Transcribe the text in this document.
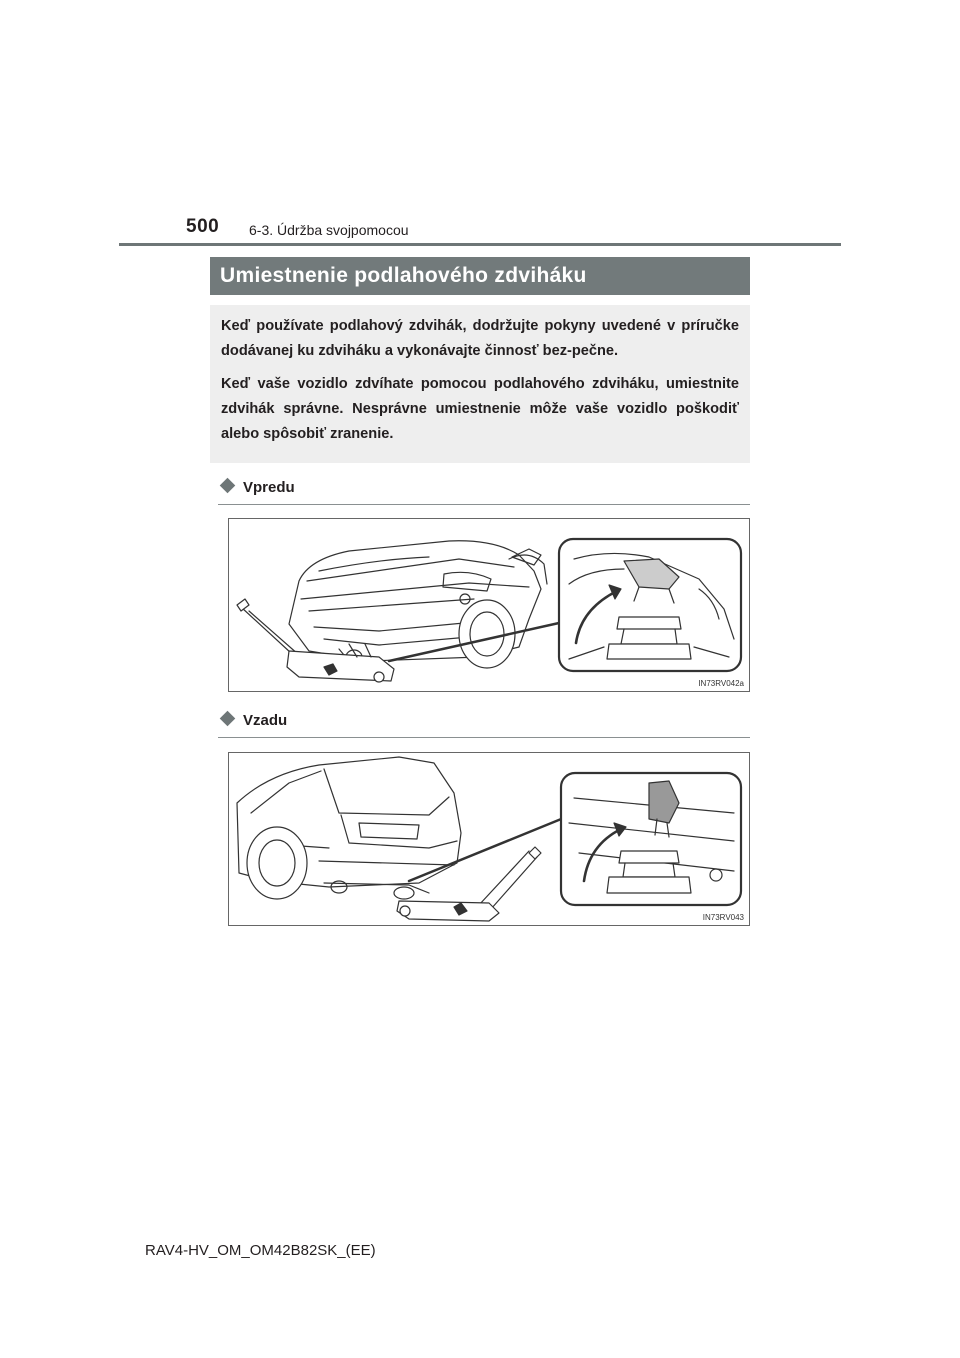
500 6-3. Údržba svojpomocou
Umiestnenie podlahového zdviháku

Keď používate podlahový zdvihák, dodržujte pokyny uvedené v príručke dodávanej ku zdviháku a vykonávajte činnosť bez-pečne.

Keď vaše vozidlo zdvíhate pomocou podlahového zdviháku, umiestnite zdvihák správne. Nesprávne umiestnenie môže vaše vozidlo poškodiť alebo spôsobiť zranenie.

Vpredu
IN73RV042a
Vzadu
IN73RV043
RAV4-HV_OM_OM42B82SK_(EE)
